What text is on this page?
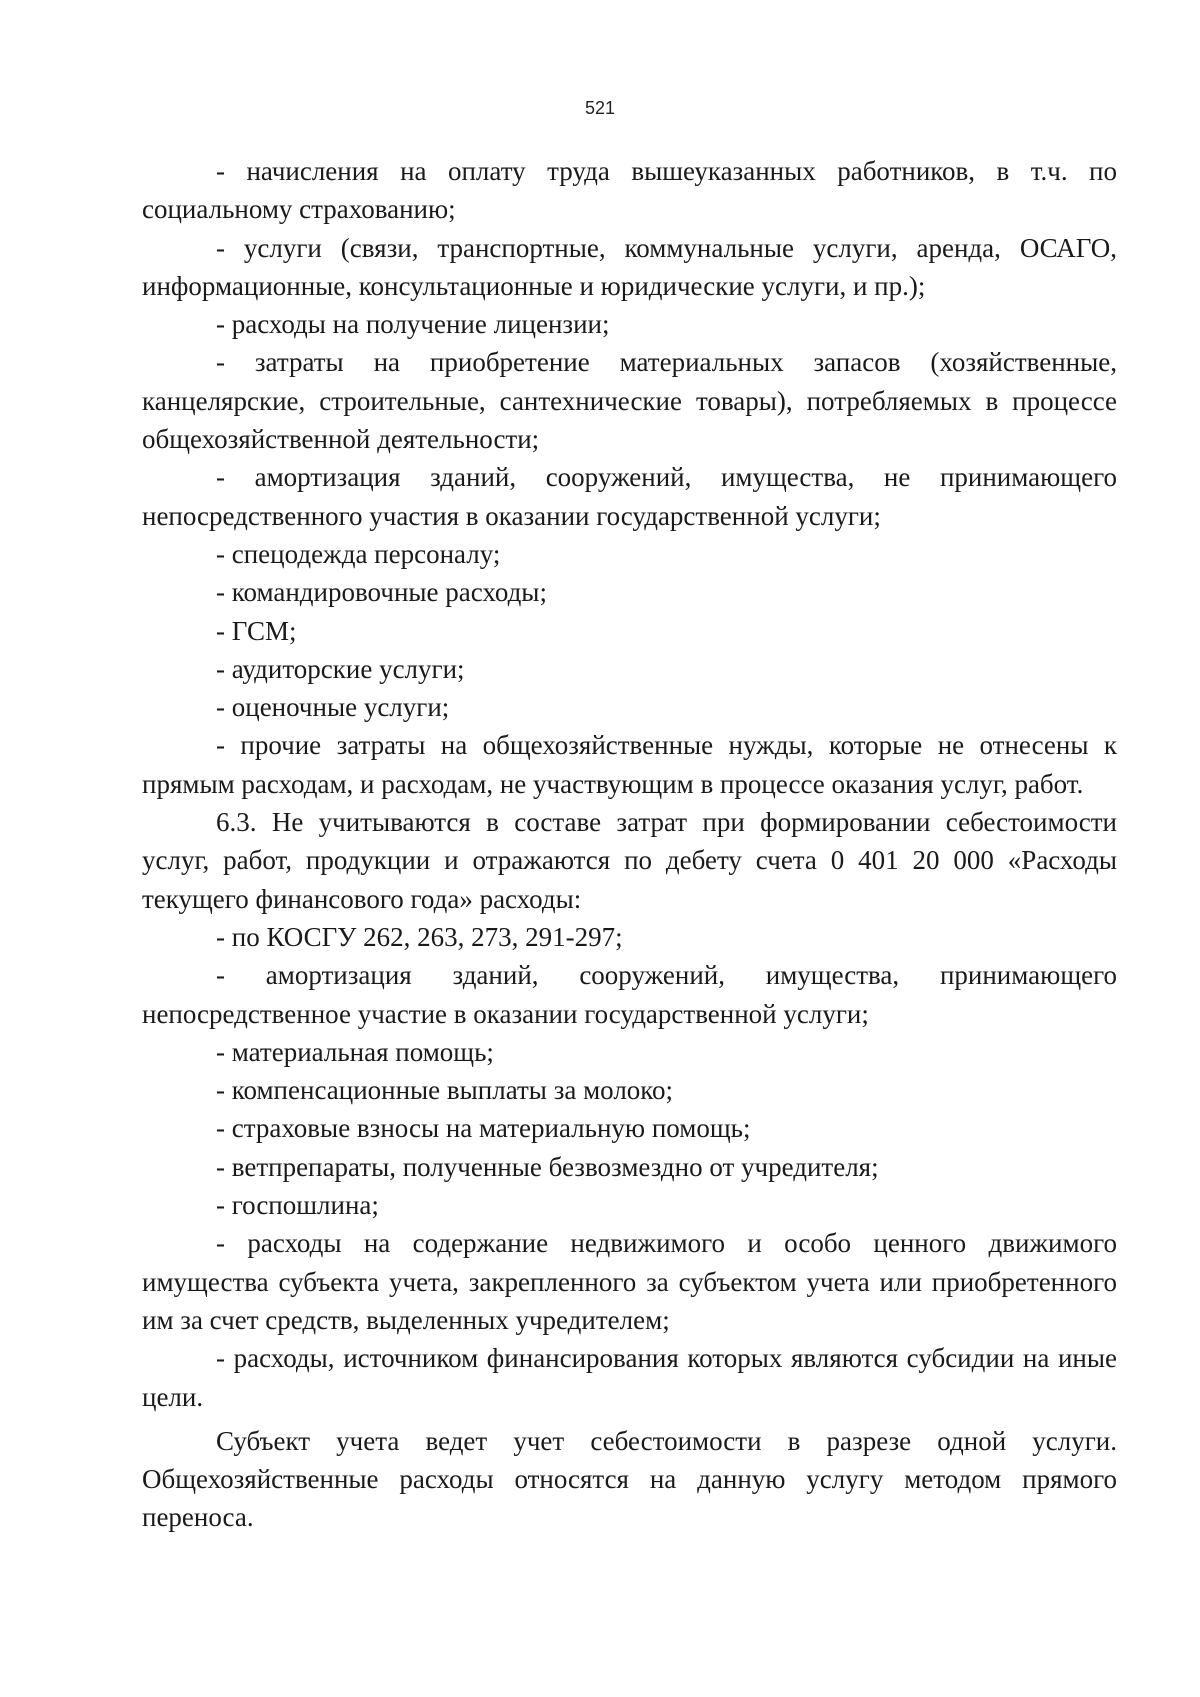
521

- начисления на оплату труда вышеуказанных работников, в т.ч. по социальному страхованию;

- услуги (связи, транспортные, коммунальные услуги, аренда, ОСАГО, информационные, консультационные и юридические услуги, и пр.);

- расходы на получение лицензии;

- затраты на приобретение материальных запасов (хозяйственные, канцелярские, строительные, сантехнические товары), потребляемых в процессе общехозяйственной деятельности;

- амортизация зданий, сооружений, имущества, не принимающего непосредственного участия в оказании государственной услуги;

- спецодежда персоналу;

- командировочные расходы;

- ГСМ;

- аудиторские услуги;

- оценочные услуги;

- прочие затраты на общехозяйственные нужды, которые не отнесены к прямым расходам, и расходам, не участвующим в процессе оказания услуг, работ.

6.3. Не учитываются в составе затрат при формировании себестоимости услуг, работ, продукции и отражаются по дебету счета 0 401 20 000 «Расходы текущего финансового года» расходы:

- по КОСГУ 262, 263, 273, 291-297;

- амортизация зданий, сооружений, имущества, принимающего непосредственное участие в оказании государственной услуги;

- материальная помощь;

- компенсационные выплаты за молоко;

- страховые взносы на материальную помощь;

- ветпрепараты, полученные безвозмездно от учредителя;

- госпошлина;

- расходы на содержание недвижимого и особо ценного движимого имущества субъекта учета, закрепленного за субъектом учета или приобретенного им за счет средств, выделенных учредителем;

- расходы, источником финансирования которых являются субсидии на иные цели.

Субъект учета ведет учет себестоимости в разрезе одной услуги. Общехозяйственные расходы относятся на данную услугу методом прямого переноса.
